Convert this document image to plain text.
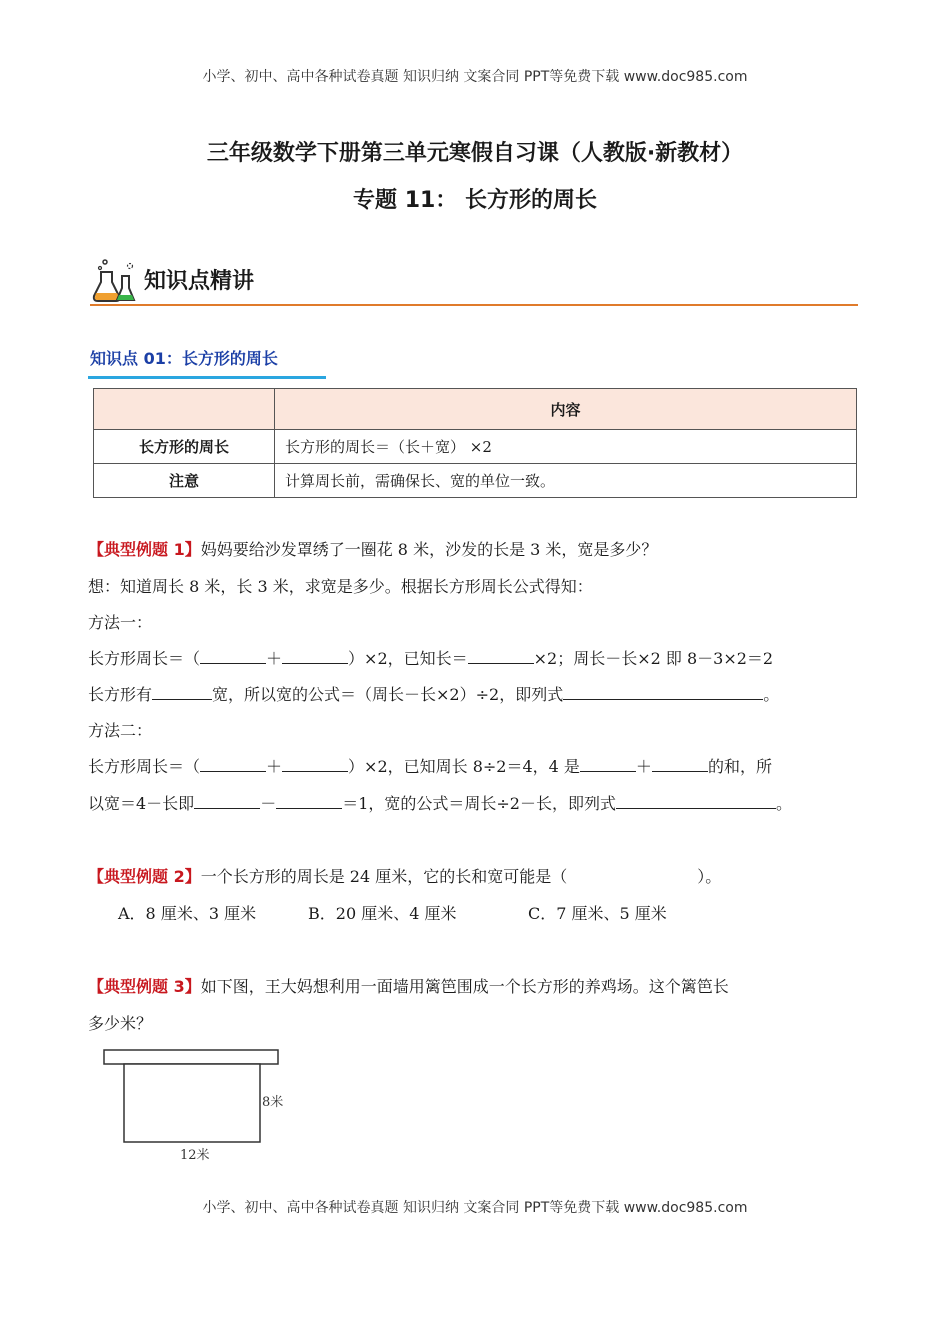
小学、初中、高中各种试卷真题 知识归纳 文案合同 PPT等免费下载 www.doc985.com
三年级数学下册第三单元寒假自习课（人教版·新教材）
专题 11： 长方形的周长
知识点精讲
知识点 01：长方形的周长
	内容
长方形的周长	长方形的周长＝（长＋宽） ×2
注意	计算周长前，需确保长、宽的单位一致。
【典型例题 1】妈妈要给沙发罩绣了一圈花 8 米，沙发的长是 3 米，宽是多少？
想：知道周长 8 米，长 3 米，求宽是多少。根据长方形周长公式得知：
方法一：
长方形周长＝（	＋	）×2，已知长＝	×2；周长－长×2 即 8－3×2＝2
长方形有	宽，所以宽的公式＝（周长－长×2）÷2，即列式	。
方法二：
长方形周长＝（	＋	）×2，已知周长 8÷2＝4，4 是	＋	的和，所
以宽＝4－长即	－	＝1，宽的公式＝周长÷2－长，即列式	。
【典型例题 2】一个长方形的周长是 24 厘米，它的长和宽可能是（	）。
A．8 厘米、3 厘米	B．20 厘米、4 厘米	C．7 厘米、5 厘米
【典型例题 3】如下图，王大妈想利用一面墙用篱笆围成一个长方形的养鸡场。这个篱笆长
多少米？
8米
12米
小学、初中、高中各种试卷真题 知识归纳 文案合同 PPT等免费下载 www.doc985.com
